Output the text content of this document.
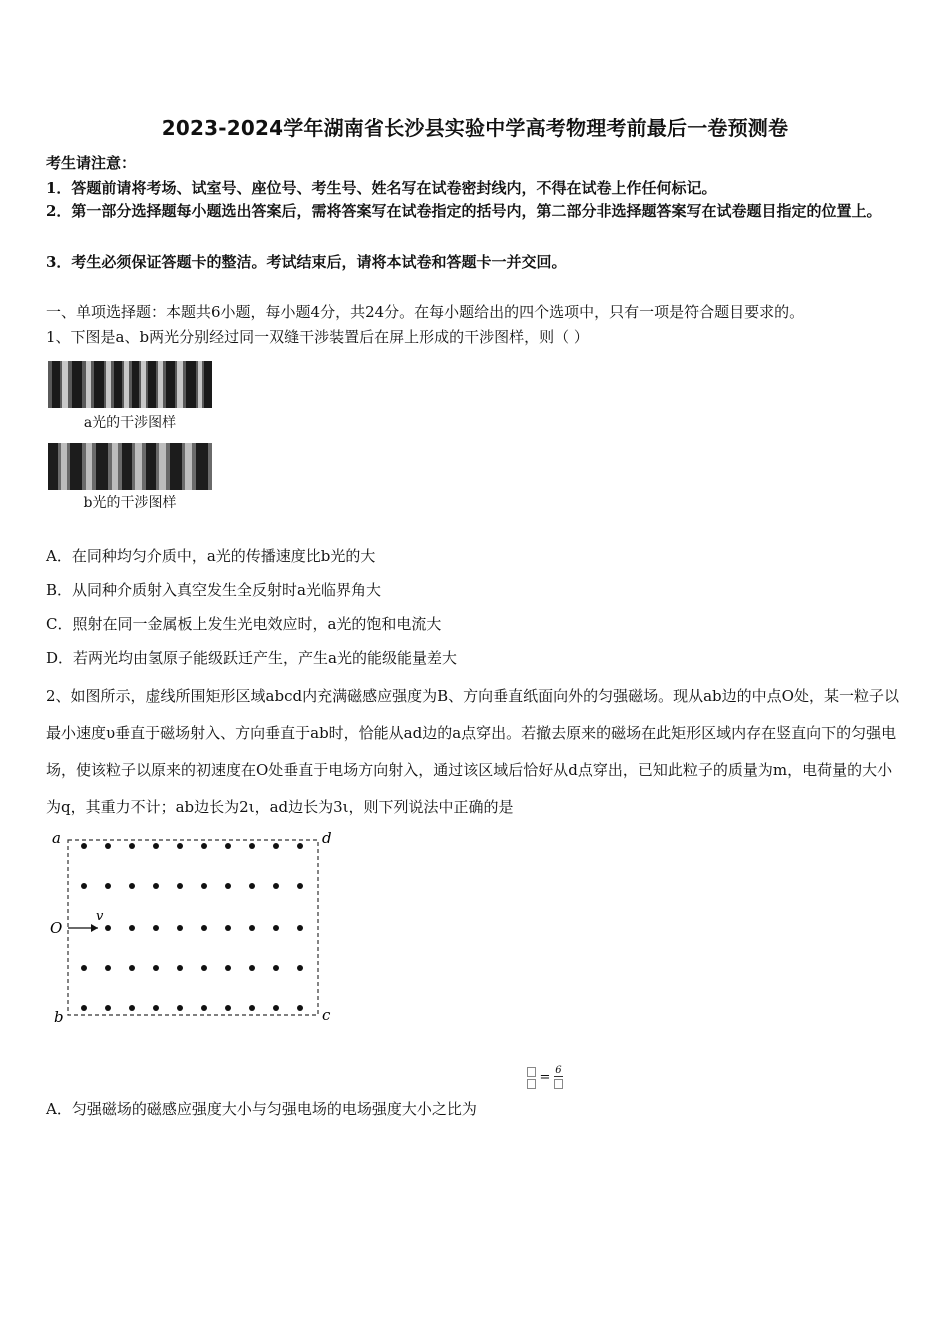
2023-2024学年湖南省长沙县实验中学高考物理考前最后一卷预测卷
考生请注意：
1．答题前请将考场、试室号、座位号、考生号、姓名写在试卷密封线内，不得在试卷上作任何标记。
2．第一部分选择题每小题选出答案后，需将答案写在试卷指定的括号内，第二部分非选择题答案写在试卷题目指定的位置上。
3．考生必须保证答题卡的整洁。考试结束后，请将本试卷和答题卡一并交回。
一、单项选择题：本题共6小题，每小题4分，共24分。在每小题给出的四个选项中，只有一项是符合题目要求的。
1、下图是a、b两光分别经过同一双缝干涉装置后在屏上形成的干涉图样，则（ ）
a光的干涉图样
b光的干涉图样
A．在同种均匀介质中，a光的传播速度比b光的大
B．从同种介质射入真空发生全反射时a光临界角大
C．照射在同一金属板上发生光电效应时，a光的饱和电流大
D．若两光均由氢原子能级跃迁产生，产生a光的能级能量差大
2、如图所示，虚线所围矩形区域abcd内充满磁感应强度为B、方向垂直纸面向外的匀强磁场。现从ab边的中点O处，某一粒子以最小速度υ垂直于磁场射入、方向垂直于ab时，恰能从ad边的a点穿出。若撤去原来的磁场在此矩形区域内存在竖直向下的匀强电场，使该粒子以原来的初速度在O处垂直于电场方向射入，通过该区域后恰好从d点穿出，已知此粒子的质量为m，电荷量的大小为q，其重力不计；ab边长为2ι，ad边长为3ι，则下列说法中正确的是
a	d
O
v
b	c
= 6
A．匀强磁场的磁感应强度大小与匀强电场的电场强度大小之比为
